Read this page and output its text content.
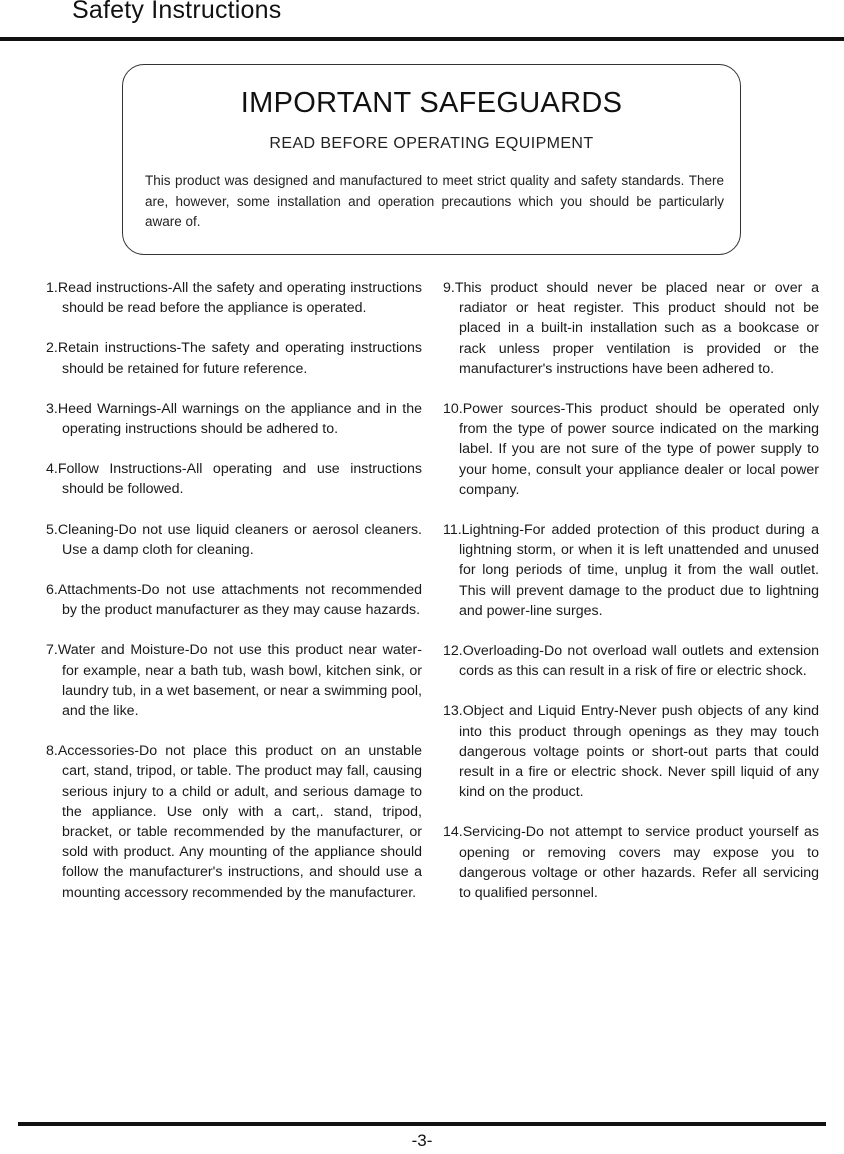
Safety Instructions
IMPORTANT SAFEGUARDS
READ BEFORE OPERATING EQUIPMENT
This product was designed and manufactured to meet strict quality and safety standards. There are, however, some installation and operation precautions which you should be particularly aware of.

1.Read instructions-All the safety and operating instructions should be read before the appliance is operated.

2.Retain instructions-The safety and operating instructions should be retained for future reference.

3.Heed Warnings-All warnings on the appliance and in the operating instructions should be adhered to.

4.Follow Instructions-All operating and use instructions should be followed.

5.Cleaning-Do not use liquid cleaners or aerosol cleaners. Use a damp cloth for cleaning.

6.Attachments-Do not use attachments not recommended by the product manufacturer as they may cause hazards.

7.Water and Moisture-Do not use this product near water-for example, near a bath tub, wash bowl, kitchen sink, or laundry tub, in a wet basement, or near a swimming pool, and the like.

8.Accessories-Do not place this product on an unstable cart, stand, tripod, or table. The product may fall, causing serious injury to a child or adult, and serious damage to the appliance. Use only with a cart,. stand, tripod, bracket, or table recommended by the manufacturer, or sold with product. Any mounting of the appliance should follow the manufacturer's instructions, and should use a mounting accessory recommended by the manufacturer.

9.This product should never be placed near or over a radiator or heat register. This product should not be placed in a built-in installation such as a bookcase or rack unless proper ventilation is provided or the manufacturer's instructions have been adhered to.

10.Power sources-This product should be operated only from the type of power source indicated on the marking label. If you are not sure of the type of power supply to your home, consult your appliance dealer or local power company.

11.Lightning-For added protection of this product during a lightning storm, or when it is left unattended and unused for long periods of time, unplug it from the wall outlet. This will prevent damage to the product due to lightning and power-line surges.

12.Overloading-Do not overload wall outlets and extension cords as this can result in a risk of fire or electric shock.

13.Object and Liquid Entry-Never push objects of any kind into this product through openings as they may touch dangerous voltage points or short-out parts that could result in a fire or electric shock. Never spill liquid of any kind on the product.

14.Servicing-Do not attempt to service product yourself as opening or removing covers may expose you to dangerous voltage or other hazards. Refer all servicing to qualified personnel.

-3-
